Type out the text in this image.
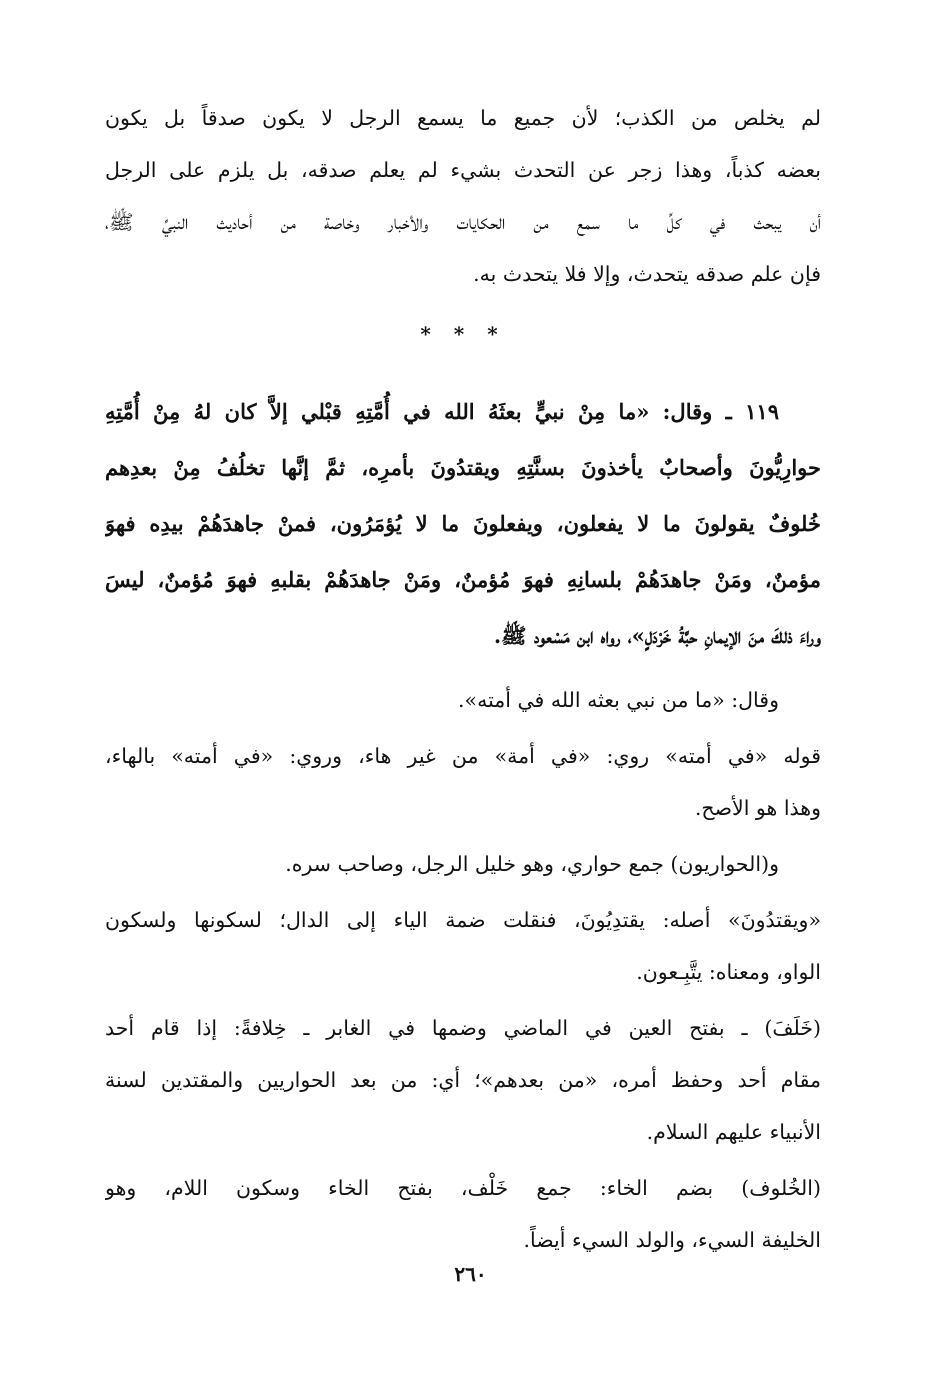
لم يخلص من الكذب؛ لأن جميع ما يسمع الرجل لا يكون صدقاً بل يكون
بعضه كذباً، وهذا زجر عن التحدث بشيء لم يعلم صدقه، بل يلزم على الرجل
أن يبحث في كلِّ ما سمع من الحكايات والأخبار وخاصة من أحاديث النبيِّ ﷺ،
فإن علم صدقه يتحدث، وإلا فلا يتحدث به.
* * *
١١٩ ـ وقال: «ما مِنْ نبيٍّ بعثَهُ الله في أُمَّتِهِ قبْلي إلاَّ كان لهُ مِنْ أُمَّتِهِ
حوارِيُّونَ وأصحابٌ يأخذونَ بسنَّتِهِ ويقتدُونَ بأمرِه، ثمَّ إنَّها تخلُفُ مِنْ بعدِهم
خُلوفٌ يقولونَ ما لا يفعلون، ويفعلونَ ما لا يُؤمَرُون، فمنْ جاهدَهُمْ بيدِه فهوَ
مؤمنٌ، ومَنْ جاهدَهُمْ بلسانِهِ فهوَ مُؤمنٌ، ومَنْ جاهدَهُمْ بقلبهِ فهوَ مُؤمنٌ، ليسَ
وراءَ ذلكَ منَ الإيمانِ حبَّةُ خَرْدَلٍ»، رواه ابن مَسْعود ﷺ.
وقال: «ما من نبي بعثه الله في أمته».
قوله «في أمته» روي: «في أمة» من غير هاء، وروي: «في أمته» بالهاء،
وهذا هو الأصح.
و(الحواريون) جمع حواري، وهو خليل الرجل، وصاحب سره.
«ويقتدُونَ» أصله: يقتدِيُونَ، فنقلت ضمة الياء إلى الدال؛ لسكونها ولسكون
الواو، ومعناه: يتَّبِـعون.
(خَلَفَ) ـ بفتح العين في الماضي وضمها في الغابر ـ خِلافةً: إذا قام أحد
مقام أحد وحفظ أمره، «من بعدهم»؛ أي: من بعد الحواريين والمقتدين لسنة
الأنبياء عليهم السلام.
(الخُلوف) بضم الخاء: جمع خَلْف، بفتح الخاء وسكون اللام، وهو
الخليفة السيء، والولد السيء أيضاً.
٢٦٠
